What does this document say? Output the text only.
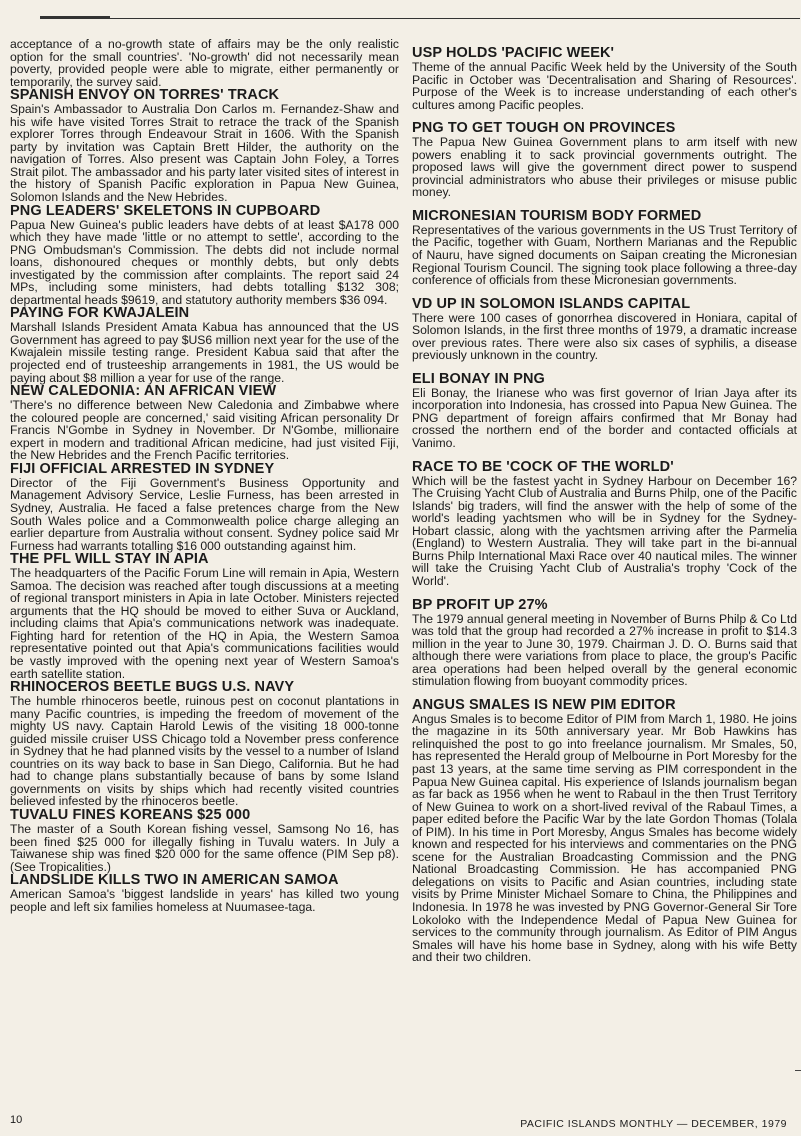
acceptance of a no-growth state of affairs may be the only realistic option for the small countries'. 'No-growth' did not necessarily mean poverty, provided people were able to migrate, either permanently or temporarily, the survey said.

SPANISH ENVOY ON TORRES' TRACK

Spain's Ambassador to Australia Don Carlos m. Fernandez-Shaw and his wife have visited Torres Strait to retrace the track of the Spanish explorer Torres through Endeavour Strait in 1606. With the Spanish party by invitation was Captain Brett Hilder, the authority on the navigation of Torres. Also present was Captain John Foley, a Torres Strait pilot. The ambassador and his party later visited sites of interest in the history of Spanish Pacific exploration in Papua New Guinea, Solomon Islands and the New Hebrides.

PNG LEADERS' SKELETONS IN CUPBOARD

Papua New Guinea's public leaders have debts of at least $A178 000 which they have made 'little or no attempt to settle', according to the PNG Ombudsman's Commission. The debts did not include normal loans, dishonoured cheques or monthly debts, but only debts investigated by the commission after complaints. The report said 24 MPs, including some ministers, had debts totalling $132 308; departmental heads $9619, and statutory authority members $36 094.

PAYING FOR KWAJALEIN

Marshall Islands President Amata Kabua has announced that the US Government has agreed to pay $US6 million next year for the use of the Kwajalein missile testing range. President Kabua said that after the projected end of trusteeship arrangements in 1981, the US would be paying about $8 million a year for use of the range.

NEW CALEDONIA: AN AFRICAN VIEW

'There's no difference between New Caledonia and Zimbabwe where the coloured people are concerned,' said visiting African personality Dr Francis N'Gombe in Sydney in November. Dr N'Gombe, millionaire expert in modern and traditional African medicine, had just visited Fiji, the New Hebrides and the French Pacific territories.

FIJI OFFICIAL ARRESTED IN SYDNEY

Director of the Fiji Government's Business Opportunity and Management Advisory Service, Leslie Furness, has been arrested in Sydney, Australia. He faced a false pretences charge from the New South Wales police and a Commonwealth police charge alleging an earlier departure from Australia without consent. Sydney police said Mr Furness had warrants totalling $16 000 outstanding against him.

THE PFL WILL STAY IN APIA

The headquarters of the Pacific Forum Line will remain in Apia, Western Samoa. The decision was reached after tough discussions at a meeting of regional transport ministers in Apia in late October. Ministers rejected arguments that the HQ should be moved to either Suva or Auckland, including claims that Apia's communications network was inadequate. Fighting hard for retention of the HQ in Apia, the Western Samoa representative pointed out that Apia's communications facilities would be vastly improved with the opening next year of Western Samoa's earth satellite station.

RHINOCEROS BEETLE BUGS U.S. NAVY

The humble rhinoceros beetle, ruinous pest on coconut plantations in many Pacific countries, is impeding the freedom of movement of the mighty US navy. Captain Harold Lewis of the visiting 18 000-tonne guided missile cruiser USS Chicago told a November press conference in Sydney that he had planned visits by the vessel to a number of Island countries on its way back to base in San Diego, California. But he had had to change plans substantially because of bans by some Island governments on visits by ships which had recently visited countries believed infested by the rhinoceros beetle.

TUVALU FINES KOREANS $25 000

The master of a South Korean fishing vessel, Samsong No 16, has been fined $25 000 for illegally fishing in Tuvalu waters. In July a Taiwanese ship was fined $20 000 for the same offence (PIM Sep p8). (See Tropicalities.)

LANDSLIDE KILLS TWO IN AMERICAN SAMOA

American Samoa's 'biggest landslide in years' has killed two young people and left six families homeless at Nuumasee-taga.

USP HOLDS 'PACIFIC WEEK'

Theme of the annual Pacific Week held by the University of the South Pacific in October was 'Decentralisation and Sharing of Resources'. Purpose of the Week is to increase understanding of each other's cultures among Pacific peoples.

PNG TO GET TOUGH ON PROVINCES

The Papua New Guinea Government plans to arm itself with new powers enabling it to sack provincial governments outright. The proposed laws will give the government direct power to suspend provincial administrators who abuse their privileges or misuse public money.

MICRONESIAN TOURISM BODY FORMED

Representatives of the various governments in the US Trust Territory of the Pacific, together with Guam, Northern Marianas and the Republic of Nauru, have signed documents on Saipan creating the Micronesian Regional Tourism Council. The signing took place following a three-day conference of officials from these Micronesian governments.

VD UP IN SOLOMON ISLANDS CAPITAL

There were 100 cases of gonorrhea discovered in Honiara, capital of Solomon Islands, in the first three months of 1979, a dramatic increase over previous rates. There were also six cases of syphilis, a disease previously unknown in the country.

ELI BONAY IN PNG

Eli Bonay, the Irianese who was first governor of Irian Jaya after its incorporation into Indonesia, has crossed into Papua New Guinea. The PNG department of foreign affairs confirmed that Mr Bonay had crossed the northern end of the border and contacted officials at Vanimo.

RACE TO BE 'COCK OF THE WORLD'

Which will be the fastest yacht in Sydney Harbour on December 16? The Cruising Yacht Club of Australia and Burns Philp, one of the Pacific Islands' big traders, will find the answer with the help of some of the world's leading yachtsmen who will be in Sydney for the Sydney-Hobart classic, along with the yachtsmen arriving after the Parmelia (England) to Western Australia. They will take part in the bi-annual Burns Philp International Maxi Race over 40 nautical miles. The winner will take the Cruising Yacht Club of Australia's trophy 'Cock of the World'.

BP PROFIT UP 27%

The 1979 annual general meeting in November of Burns Philp & Co Ltd was told that the group had recorded a 27% increase in profit to $14.3 million in the year to June 30, 1979. Chairman J. D. O. Burns said that although there were variations from place to place, the group's Pacific area operations had been helped overall by the general economic stimulation flowing from buoyant commodity prices.

ANGUS SMALES IS NEW PIM EDITOR

Angus Smales is to become Editor of PIM from March 1, 1980. He joins the magazine in its 50th anniversary year. Mr Bob Hawkins has relinquished the post to go into freelance journalism. Mr Smales, 50, has represented the Herald group of Melbourne in Port Moresby for the past 13 years, at the same time serving as PIM correspondent in the Papua New Guinea capital. His experience of Islands journalism began as far back as 1956 when he went to Rabaul in the then Trust Territory of New Guinea to work on a short-lived revival of the Rabaul Times, a paper edited before the Pacific War by the late Gordon Thomas (Tolala of PIM). In his time in Port Moresby, Angus Smales has become widely known and respected for his interviews and commentaries on the PNG scene for the Australian Broadcasting Commission and the PNG National Broadcasting Commission. He has accompanied PNG delegations on visits to Pacific and Asian countries, including state visits by Prime Minister Michael Somare to China, the Philippines and Indonesia. In 1978 he was invested by PNG Governor-General Sir Tore Lokoloko with the Independence Medal of Papua New Guinea for services to the community through journalism. As Editor of PIM Angus Smales will have his home base in Sydney, along with his wife Betty and their two children.

10	PACIFIC ISLANDS MONTHLY — DECEMBER, 1979
